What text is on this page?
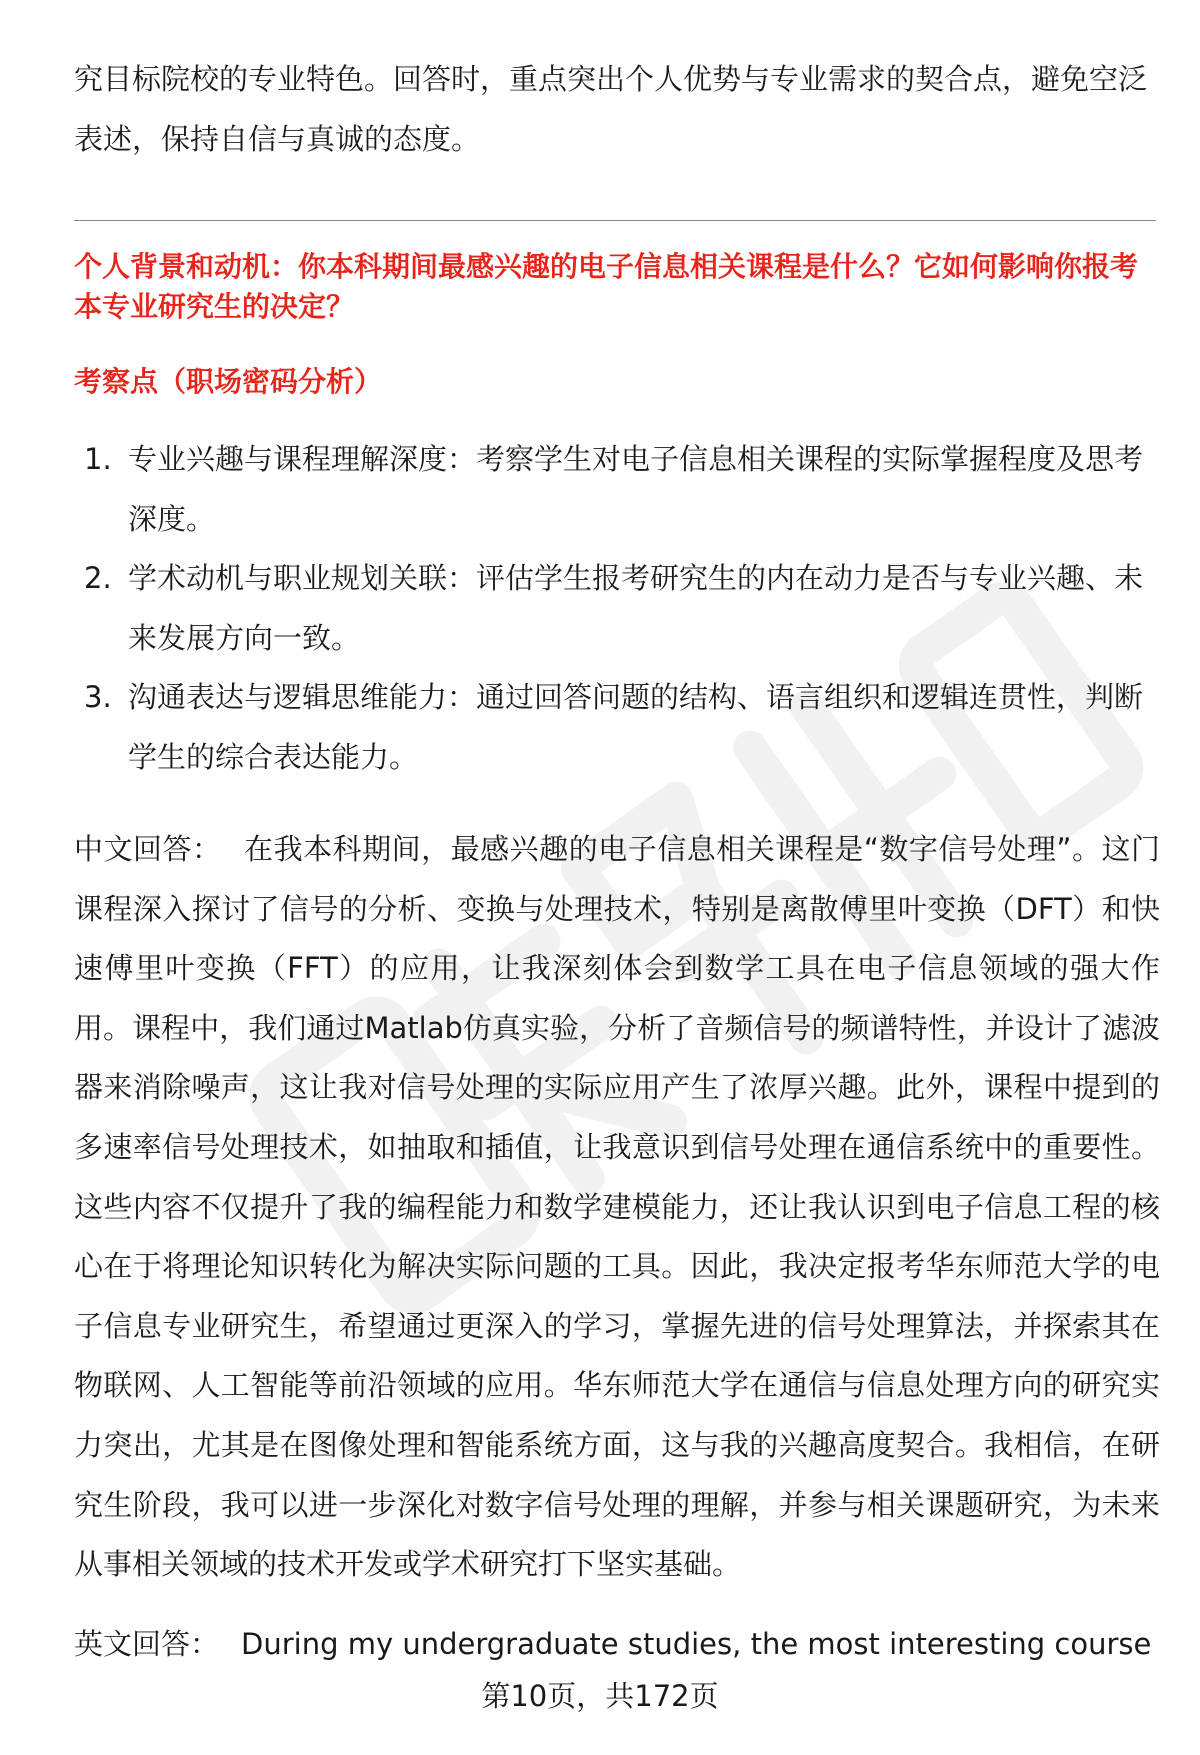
究目标院校的专业特色。回答时，重点突出个人优势与专业需求的契合点，避免空泛表述，保持自信与真诚的态度。

个人背景和动机：你本科期间最感兴趣的电子信息相关课程是什么？它如何影响你报考本专业研究生的决定？

考察点（职场密码分析）

1. 专业兴趣与课程理解深度：考察学生对电子信息相关课程的实际掌握程度及思考深度。
2. 学术动机与职业规划关联：评估学生报考研究生的内在动力是否与专业兴趣、未来发展方向一致。
3. 沟通表达与逻辑思维能力：通过回答问题的结构、语言组织和逻辑连贯性，判断学生的综合表达能力。

中文回答： 在我本科期间，最感兴趣的电子信息相关课程是“数字信号处理”。这门课程深入探讨了信号的分析、变换与处理技术，特别是离散傅里叶变换（DFT）和快速傅里叶变换（FFT）的应用，让我深刻体会到数学工具在电子信息领域的强大作用。课程中，我们通过Matlab仿真实验，分析了音频信号的频谱特性，并设计了滤波器来消除噪声，这让我对信号处理的实际应用产生了浓厚兴趣。此外，课程中提到的多速率信号处理技术，如抽取和插值，让我意识到信号处理在通信系统中的重要性。这些内容不仅提升了我的编程能力和数学建模能力，还让我认识到电子信息工程的核心在于将理论知识转化为解决实际问题的工具。因此，我决定报考华东师范大学的电子信息专业研究生，希望通过更深入的学习，掌握先进的信号处理算法，并探索其在物联网、人工智能等前沿领域的应用。华东师范大学在通信与信息处理方向的研究实力突出，尤其是在图像处理和智能系统方面，这与我的兴趣高度契合。我相信，在研究生阶段，我可以进一步深化对数字信号处理的理解，并参与相关课题研究，为未来从事相关领域的技术开发或学术研究打下坚实基础。

英文回答： During my undergraduate studies, the most interesting course

第10页，共172页
